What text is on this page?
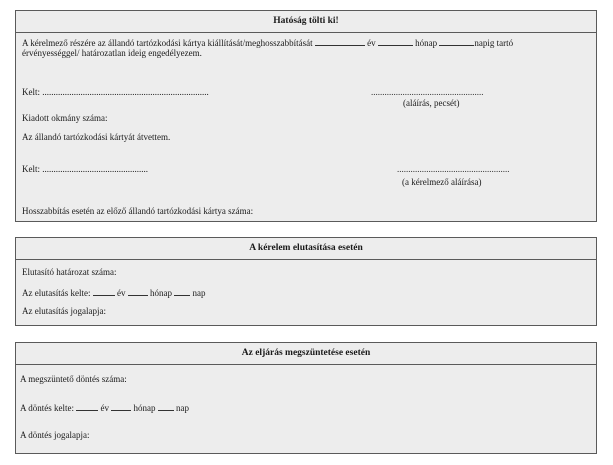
Hatóság tölti ki!
A kérelmező részére az állandó tartózkodási kártya kiállítását/meghosszabbítását	év	hónap	napig tartó
érvényességgel/ határozatlan ideig engedélyezem.
Kelt: ..........................................................................	..................................................
(aláírás, pecsét)
Kiadott okmány száma:
Az állandó tartózkodási kártyát átvettem.
Kelt: ...............................................	..................................................
(a kérelmező aláírása)
Hosszabbítás esetén az előző állandó tartózkodási kártya száma:
A kérelem elutasítása esetén
Elutasító határozat száma:
Az elutasítás kelte:	év	hónap nap
Az elutasítás jogalapja:
Az eljárás megszüntetése esetén
A megszüntető döntés száma:
A döntés kelte:	év	hónap nap
A döntés jogalapja:
